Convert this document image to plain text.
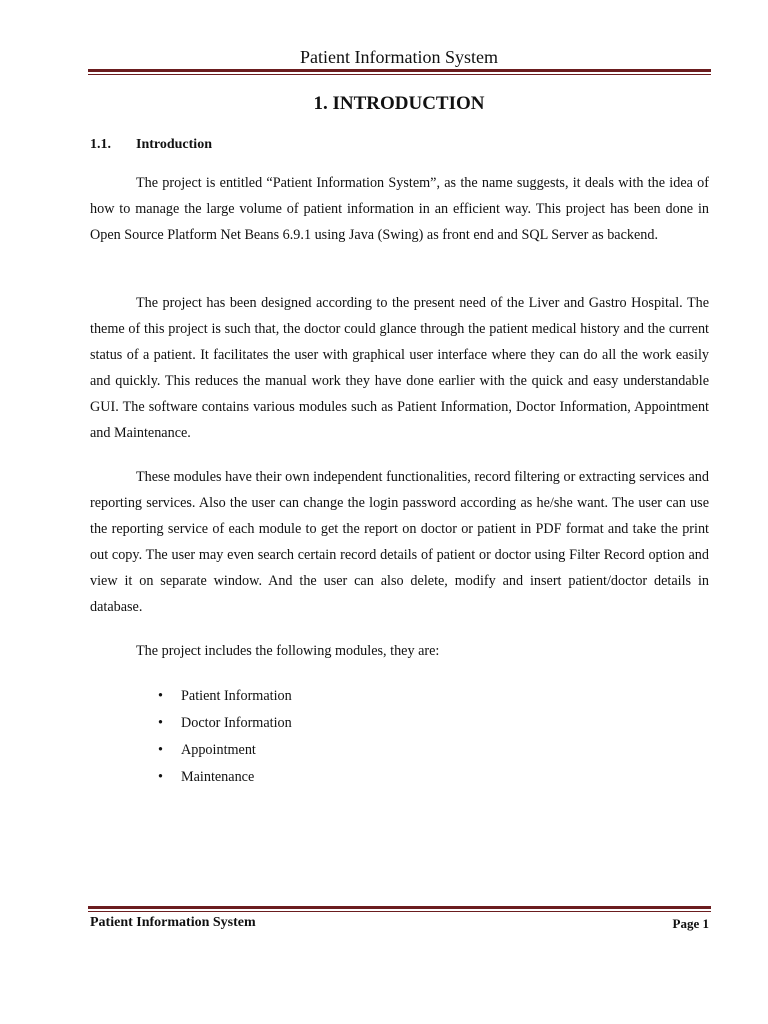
Patient Information System
1. INTRODUCTION
1.1. Introduction

The project is entitled “Patient Information System”, as the name suggests, it deals with the idea of how to manage the large volume of patient information in an efficient way. This project has been done in Open Source Platform Net Beans 6.9.1 using Java (Swing) as front end and SQL Server as backend.

The project has been designed according to the present need of the Liver and Gastro Hospital. The theme of this project is such that, the doctor could glance through the patient medical history and the current status of a patient. It facilitates the user with graphical user interface where they can do all the work easily and quickly. This reduces the manual work they have done earlier with the quick and easy understandable GUI. The software contains various modules such as Patient Information, Doctor Information, Appointment and Maintenance.

These modules have their own independent functionalities, record filtering or extracting services and reporting services. Also the user can change the login password according as he/she want. The user can use the reporting service of each module to get the report on doctor or patient in PDF format and take the print out copy. The user may even search certain record details of patient or doctor using Filter Record option and view it on separate window. And the user can also delete, modify and insert patient/doctor details in database.

The project includes the following modules, they are:

• Patient Information
• Doctor Information
• Appointment
• Maintenance
Patient Information System	Page 1
